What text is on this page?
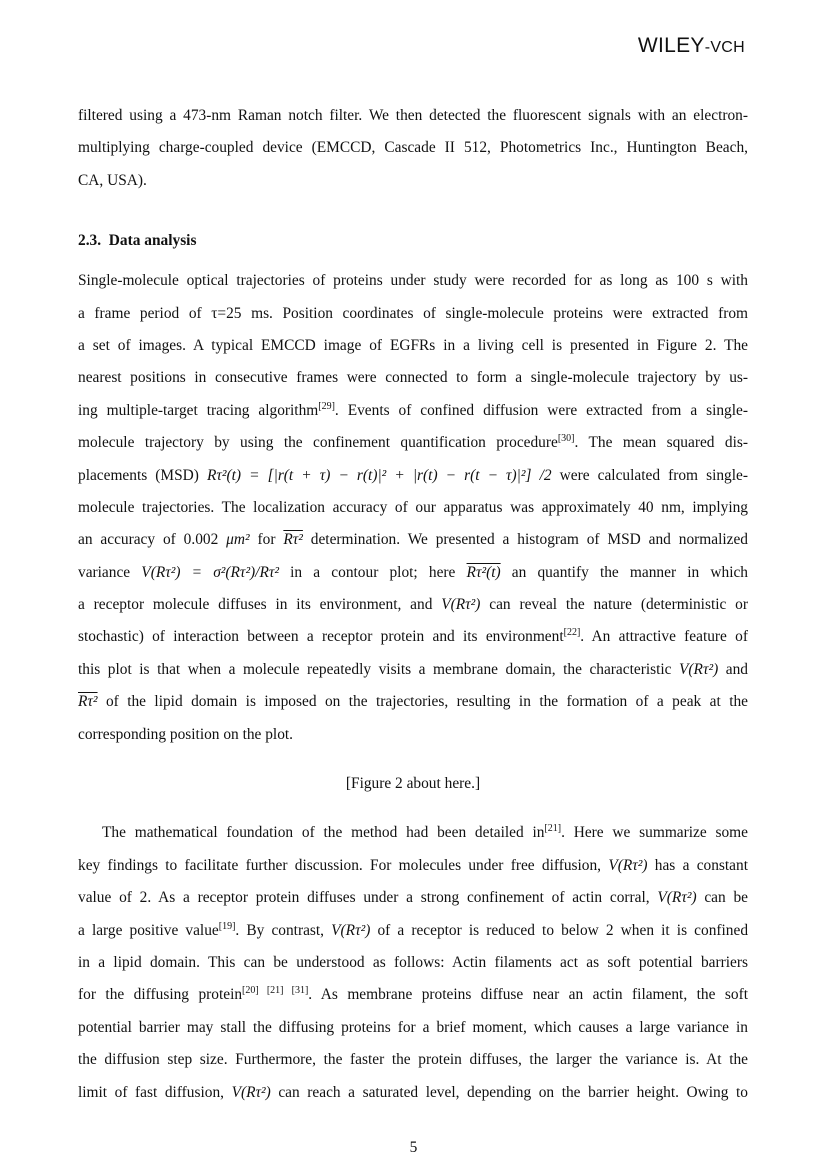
WILEY-VCH
filtered using a 473-nm Raman notch filter. We then detected the fluorescent signals with an electron-
multiplying charge-coupled device (EMCCD, Cascade II 512, Photometrics Inc., Huntington Beach,
CA, USA).
2.3. Data analysis
Single-molecule optical trajectories of proteins under study were recorded for as long as 100 s with
a frame period of τ=25 ms. Position coordinates of single-molecule proteins were extracted from
a set of images. A typical EMCCD image of EGFRs in a living cell is presented in Figure 2. The
nearest positions in consecutive frames were connected to form a single-molecule trajectory by us-
ing multiple-target tracing algorithm[29]. Events of confined diffusion were extracted from a single-
molecule trajectory by using the confinement quantification procedure[30]. The mean squared dis-
placements (MSD) Rτ²(t) = [|r(t + τ) − r(t)|² + |r(t) − r(t − τ)|²] /2 were calculated from single-
molecule trajectories. The localization accuracy of our apparatus was approximately 40 nm, implying
an accuracy of 0.002 μm² for Rτ² determination. We presented a histogram of MSD and normalized
variance V(Rτ²) = σ²(Rτ²)/Rτ² in a contour plot; here Rτ²(t) an quantify the manner in which
a receptor molecule diffuses in its environment, and V(Rτ²) can reveal the nature (deterministic or
stochastic) of interaction between a receptor protein and its environment[22]. An attractive feature of
this plot is that when a molecule repeatedly visits a membrane domain, the characteristic V(Rτ²) and
Rτ² of the lipid domain is imposed on the trajectories, resulting in the formation of a peak at the
corresponding position on the plot.
[Figure 2 about here.]
The mathematical foundation of the method had been detailed in[21]. Here we summarize some
key findings to facilitate further discussion. For molecules under free diffusion, V(Rτ²) has a constant
value of 2. As a receptor protein diffuses under a strong confinement of actin corral, V(Rτ²) can be
a large positive value[19]. By contrast, V(Rτ²) of a receptor is reduced to below 2 when it is confined
in a lipid domain. This can be understood as follows: Actin filaments act as soft potential barriers
for the diffusing protein[20] [21] [31]. As membrane proteins diffuse near an actin filament, the soft
potential barrier may stall the diffusing proteins for a brief moment, which causes a large variance in
the diffusion step size. Furthermore, the faster the protein diffuses, the larger the variance is. At the
limit of fast diffusion, V(Rτ²) can reach a saturated level, depending on the barrier height. Owing to
5
